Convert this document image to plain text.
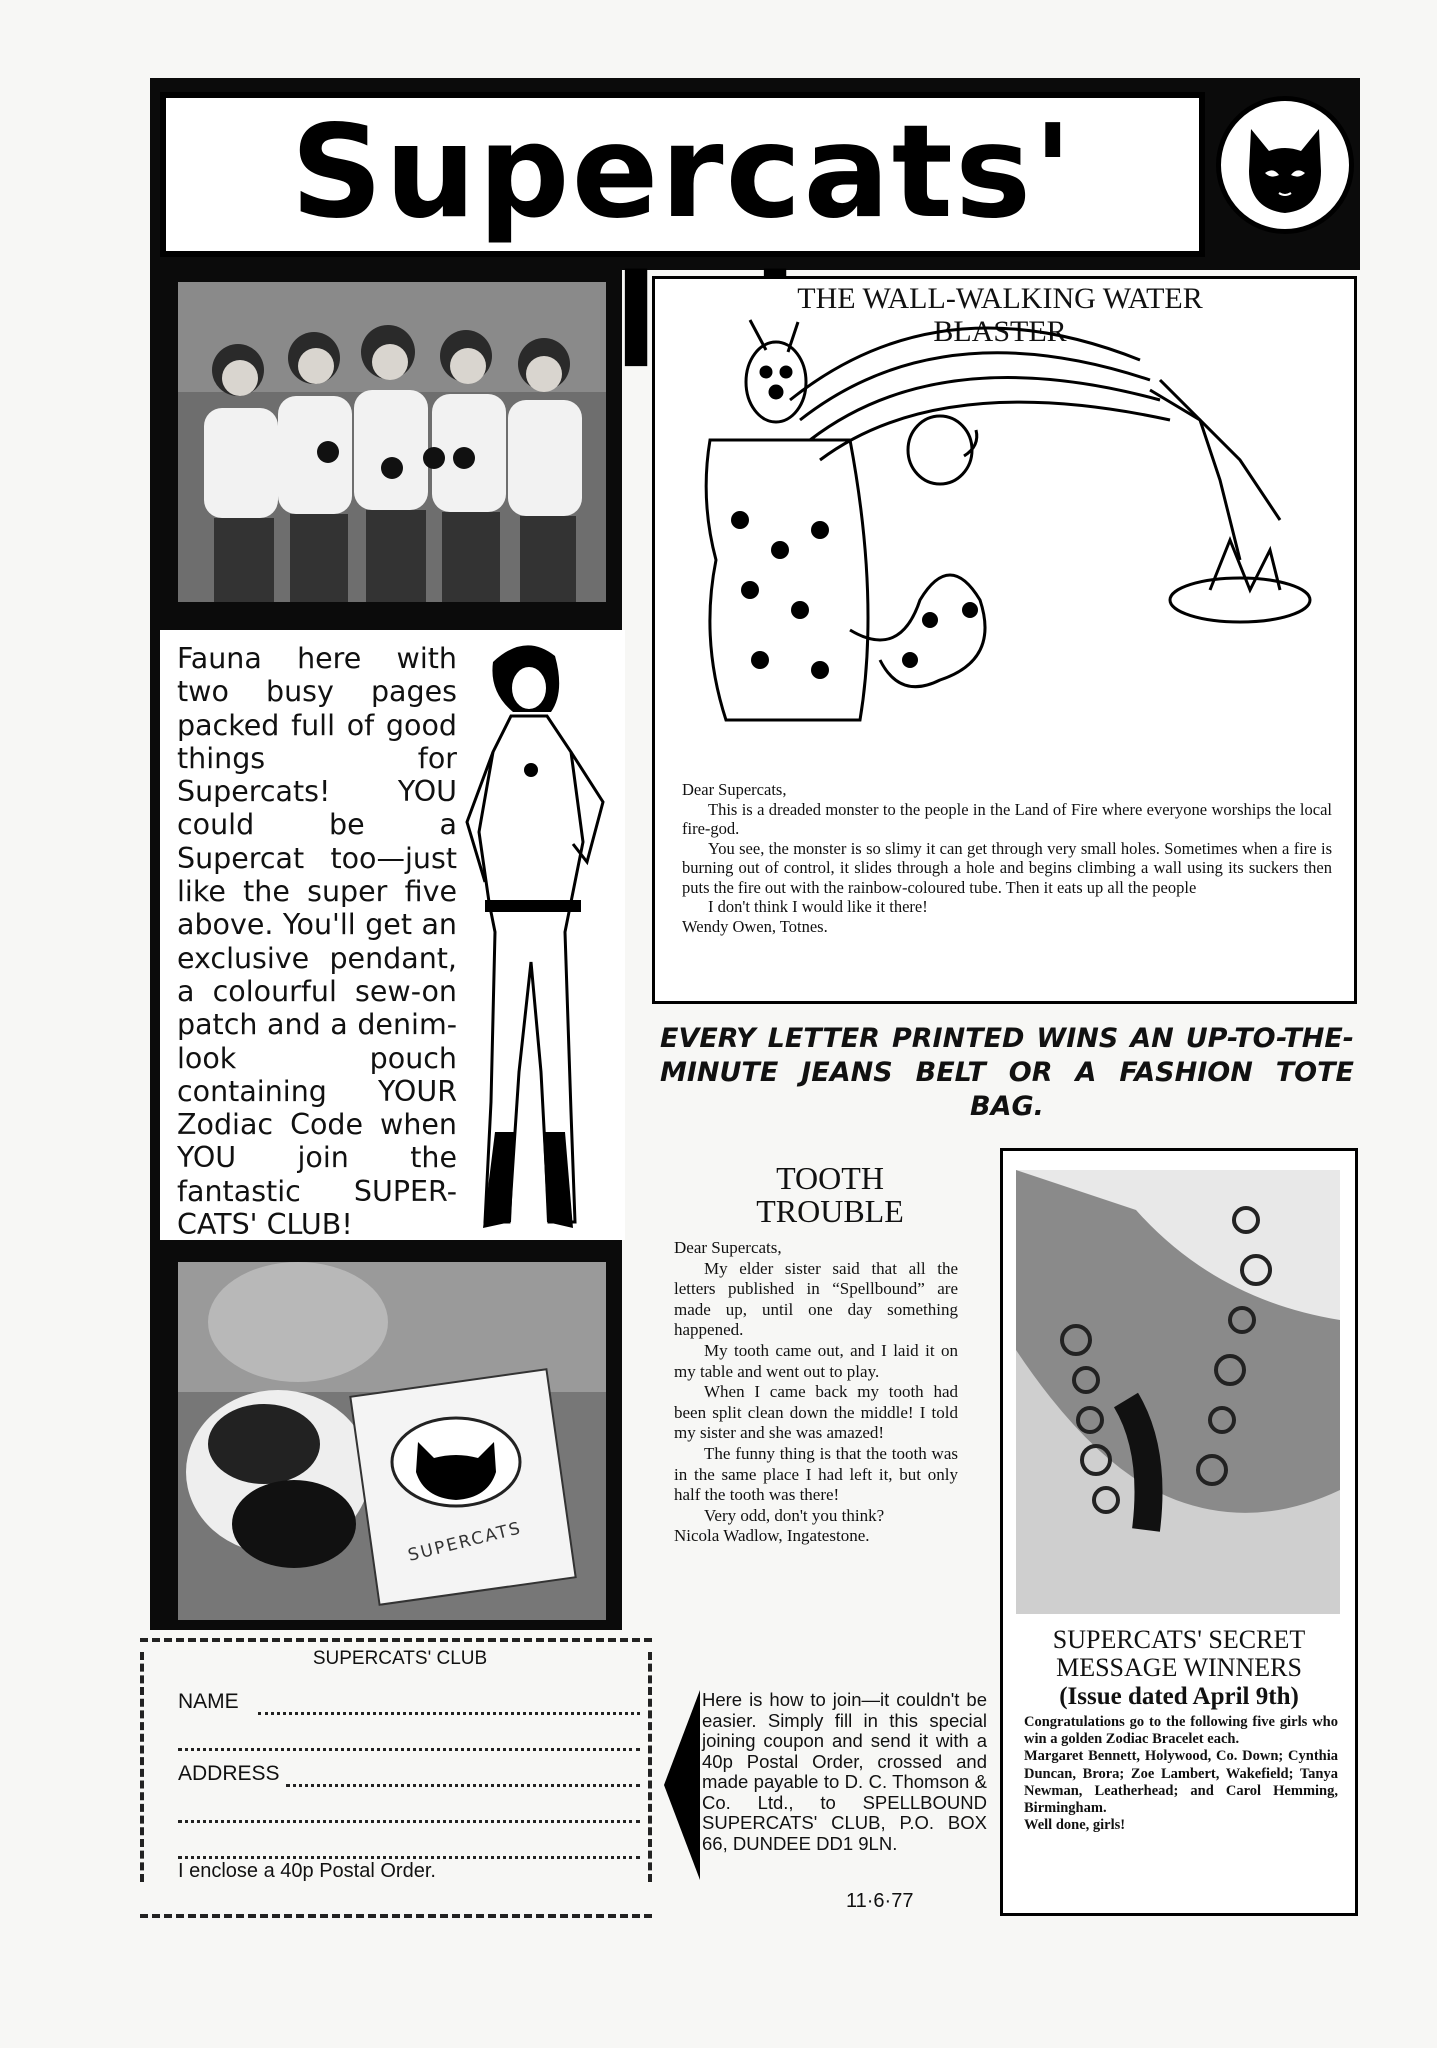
Supercats'
Fauna here with two busy pages packed full of good things for Supercats! YOU could be a Supercat too—just like the super five above. You'll get an exclusive pendant, a colourful sew-on patch and a denim-look pouch containing YOUR Zodiac Code when YOU join the fantastic SUPER-CATS' CLUB!
SUPERCATS
SUPERCATS' CLUB
NAME
ADDRESS
I enclose a 40p Postal Order.
THE WALL-WALKING WATER
BLASTER
Dear Supercats,
This is a dreaded monster to the people in the Land of Fire where everyone worships the local fire-god.
You see, the monster is so slimy it can get through very small holes. Sometimes when a fire is burning out of control, it slides through a hole and begins climbing a wall using its suckers then puts the fire out with the rainbow-coloured tube. Then it eats up all the people
I don't think I would like it there!
Wendy Owen, Totnes.
EVERY LETTER PRINTED WINS AN UP-TO-THE-MINUTE JEANS BELT OR A FASHION TOTE BAG.
TOOTH
TROUBLE
Dear Supercats,
My elder sister said that all the letters published in “Spellbound” are made up, until one day something happened.
My tooth came out, and I laid it on my table and went out to play.
When I came back my tooth had been split clean down the middle! I told my sister and she was amazed!
The funny thing is that the tooth was in the same place I had left it, but only half the tooth was there!
Very odd, don't you think?
Nicola Wadlow, Ingatestone.
Here is how to join—it couldn't be easier. Simply fill in this special joining coupon and send it with a 40p Postal Order, crossed and made payable to D. C. Thomson & Co. Ltd., to SPELLBOUND SUPERCATS' CLUB, P.O. BOX 66, DUNDEE DD1 9LN.
11·6·77
SUPERCATS' SECRET
MESSAGE WINNERS
(Issue dated April 9th)
Congratulations go to the following five girls who win a golden Zodiac Bracelet each.
Margaret Bennett, Holywood, Co. Down; Cynthia Duncan, Brora; Zoe Lambert, Wakefield; Tanya Newman, Leatherhead; and Carol Hemming, Birmingham.
Well done, girls!
